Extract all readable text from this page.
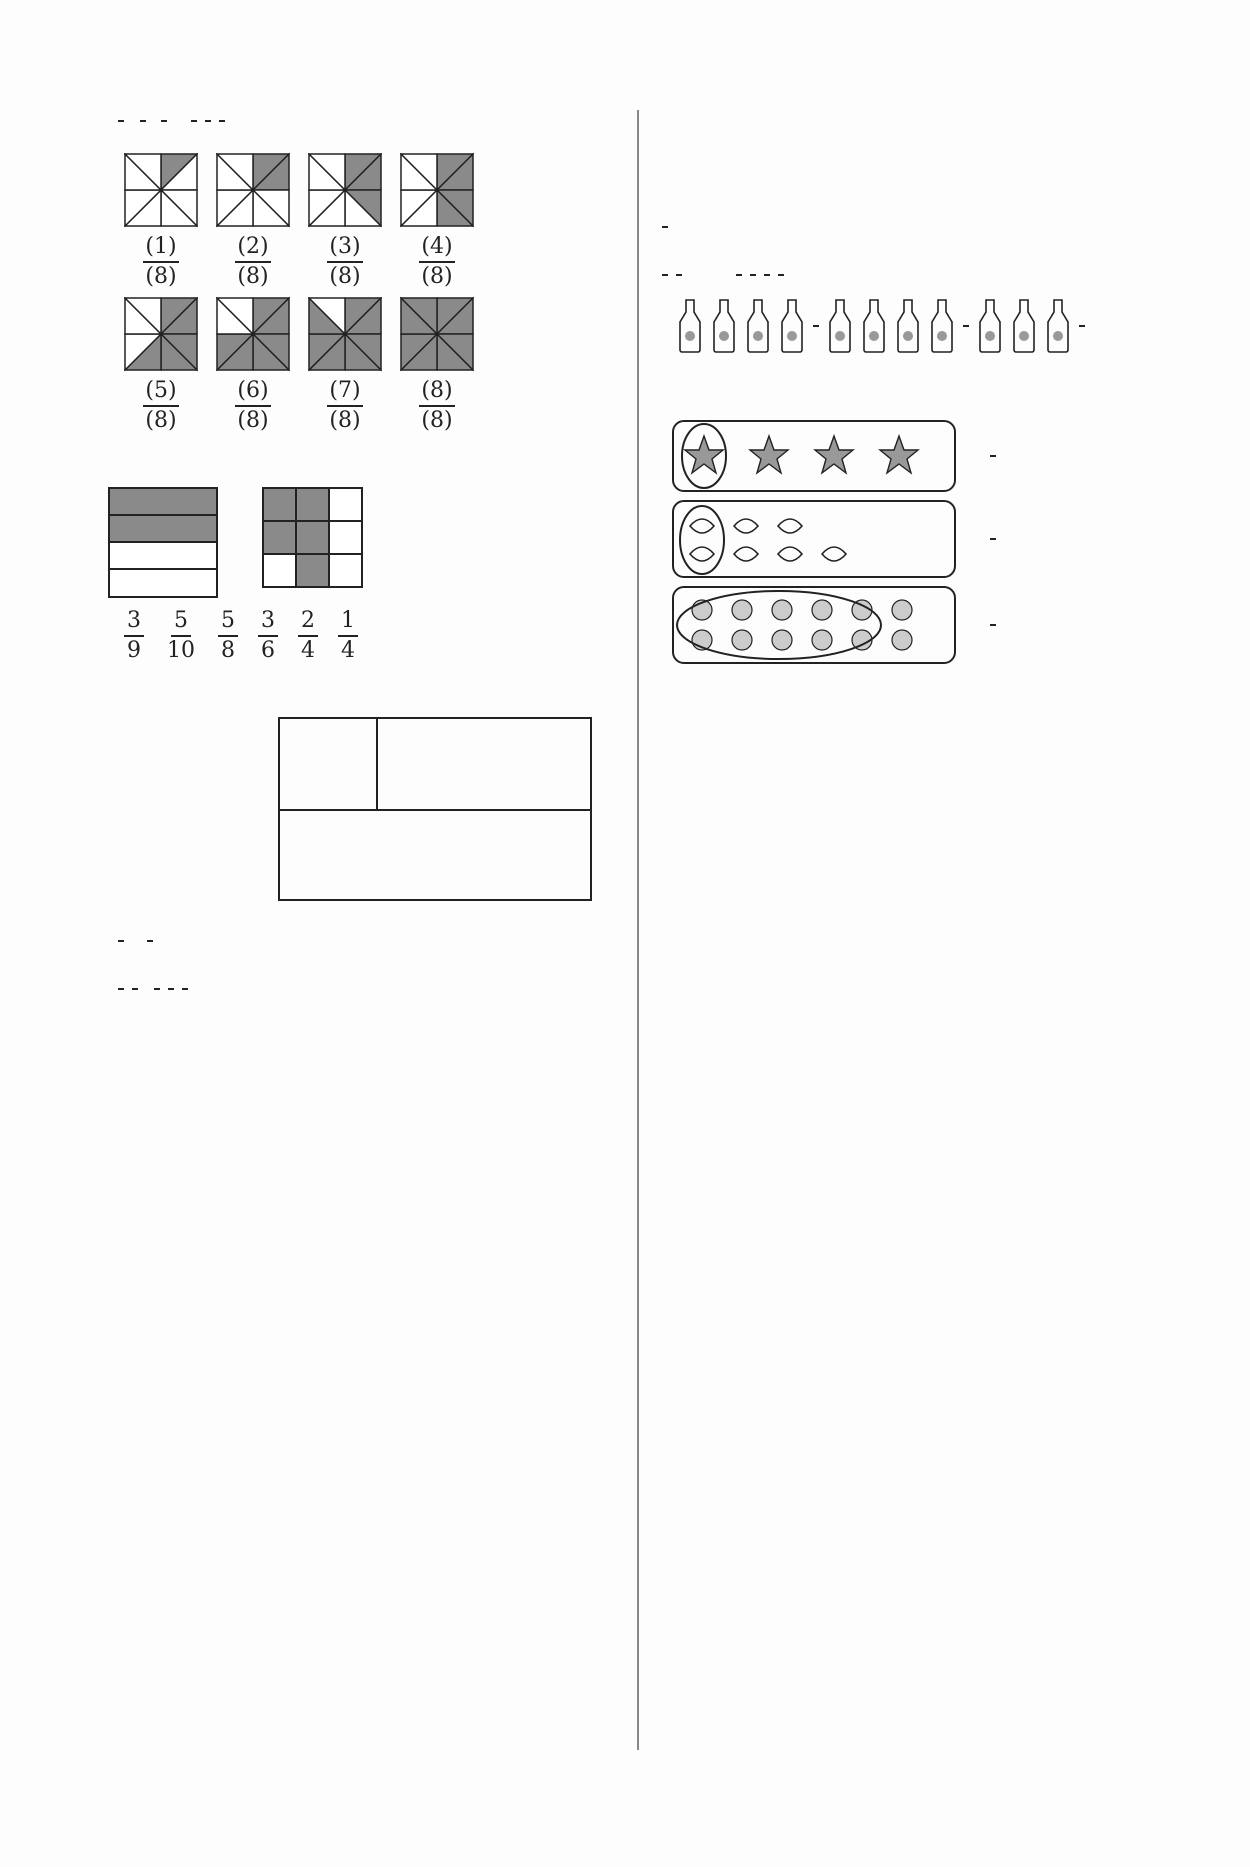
(1)
(8)
(2)
(8)
(3)
(8)
(4)
(8)
(5)
(8)
(6)
(8)
(7)
(8)
(8)
(8)
$\frac{3}{9} \frac{5}{10} \frac{5}{8} \frac{3}{6} \frac{2}{4} \frac{1}{4}$
